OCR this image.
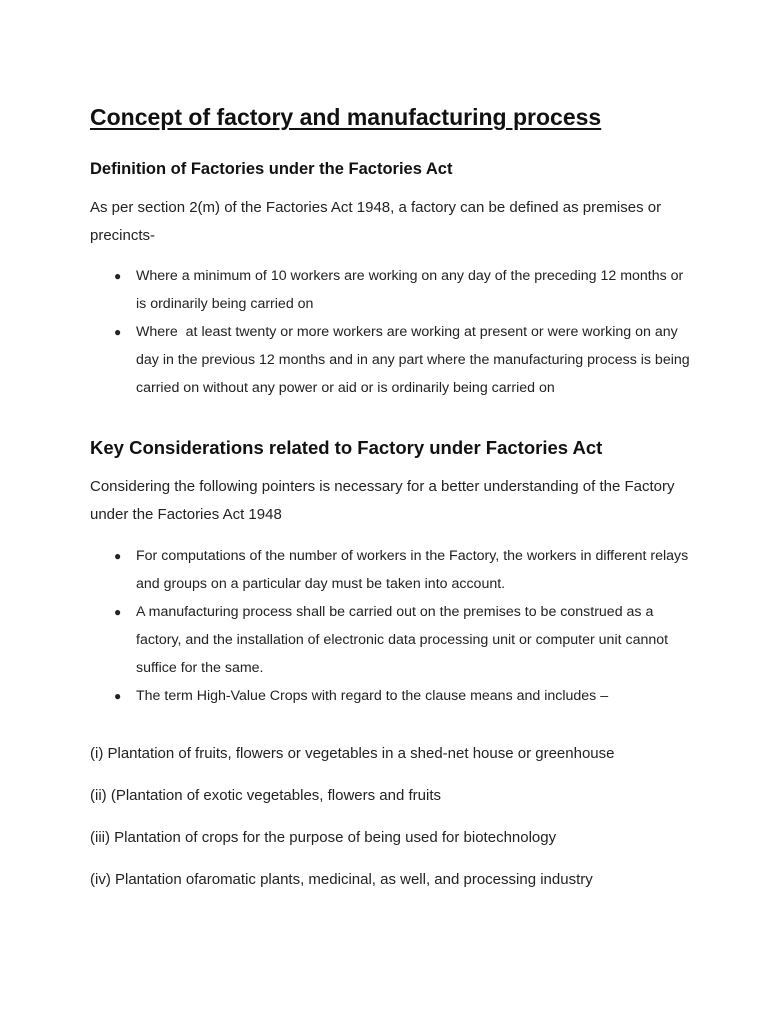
Concept of factory and manufacturing process
Definition of Factories under the Factories Act

As per section 2(m) of the Factories Act 1948, a factory can be defined as premises or precincts-

● Where a minimum of 10 workers are working on any day of the preceding 12 months or is ordinarily being carried on
● Where  at least twenty or more workers are working at present or were working on any day in the previous 12 months and in any part where the manufacturing process is being carried on without any power or aid or is ordinarily being carried on
Key Considerations related to Factory under Factories Act

Considering the following pointers is necessary for a better understanding of the Factory under the Factories Act 1948

● For computations of the number of workers in the Factory, the workers in different relays and groups on a particular day must be taken into account.
● A manufacturing process shall be carried out on the premises to be construed as a factory, and the installation of electronic data processing unit or computer unit cannot suffice for the same.
● The term High-Value Crops with regard to the clause means and includes –

(i) Plantation of fruits, flowers or vegetables in a shed-net house or greenhouse

(ii) (Plantation of exotic vegetables, flowers and fruits

(iii) Plantation of crops for the purpose of being used for biotechnology

(iv) Plantation ofaromatic plants, medicinal, as well, and processing industry
